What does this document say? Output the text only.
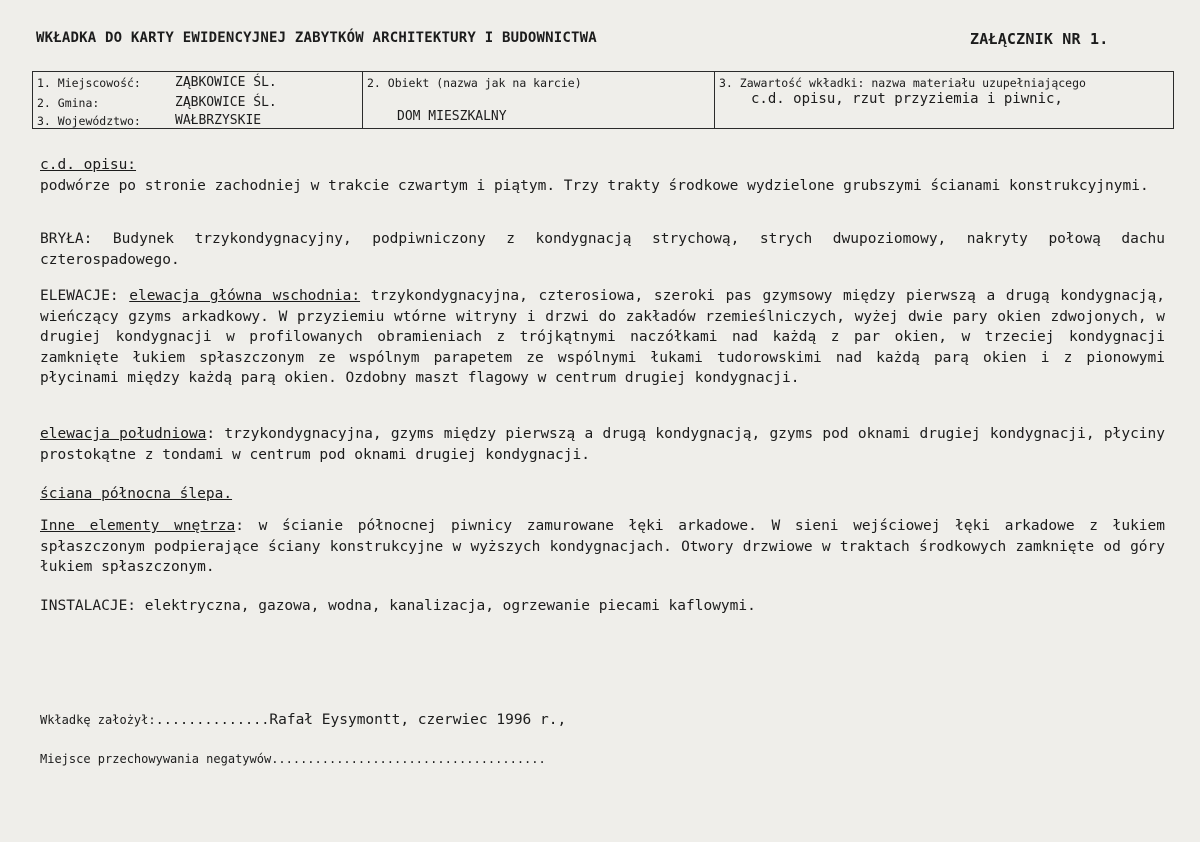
WKŁADKA DO KARTY EWIDENCYJNEJ ZABYTKÓW ARCHITEKTURY I BUDOWNICTWA	ZAŁĄCZNIK NR 1.
1. Miejscowość:	ZĄBKOWICE ŚL.
2. Gmina:	ZĄBKOWICE ŚL.
3. Województwo:	WAŁBRZYSKIE
2. Obiekt (nazwa jak na karcie)
DOM MIESZKALNY
3. Zawartość wkładki: nazwa materiału uzupełniającego
c.d. opisu, rzut przyziemia i piwnic,
c.d. opisu:
podwórze po stronie zachodniej w trakcie czwartym i piątym. Trzy trakty środkowe wydzielone grubszymi ścianami konstrukcyjnymi.
BRYŁA: Budynek trzykondygnacyjny, podpiwniczony z kondygnacją strychową, strych dwupoziomowy, nakryty połową dachu czterospadowego.
ELEWACJE: elewacja główna wschodnia: trzykondygnacyjna, czterosiowa, szeroki pas gzymsowy między pierwszą a drugą kondygnacją, wieńczący gzyms arkadkowy. W przyziemiu wtórne witryny i drzwi do zakładów rzemieślniczych, wyżej dwie pary okien zdwojonych, w drugiej kondygnacji w profilowanych obramieniach z trójkątnymi naczółkami nad każdą z par okien, w trzeciej kondygnacji zamknięte łukiem spłaszczonym ze wspólnym parapetem ze wspólnymi łukami tudorowskimi nad każdą parą okien i z pionowymi płycinami między każdą parą okien. Ozdobny maszt flagowy w centrum drugiej kondygnacji.
elewacja południowa: trzykondygnacyjna, gzyms między pierwszą a drugą kondygnacją, gzyms pod oknami drugiej kondygnacji, płyciny prostokątne z tondami w centrum pod oknami drugiej kondygnacji.
ściana północna ślepa.
Inne elementy wnętrza: w ścianie północnej piwnicy zamurowane łęki arkadowe. W sieni wejściowej łęki arkadowe z łukiem spłaszczonym podpierające ściany konstrukcyjne w wyższych kondygnacjach. Otwory drzwiowe w traktach środkowych zamknięte od góry łukiem spłaszczonym.
INSTALACJE: elektryczna, gazowa, wodna, kanalizacja, ogrzewanie piecami kaflowymi.
Wkładkę założył:..............Rafał Eysymontt, czerwiec 1996 r.,
Miejsce przechowywania negatywów......................................
